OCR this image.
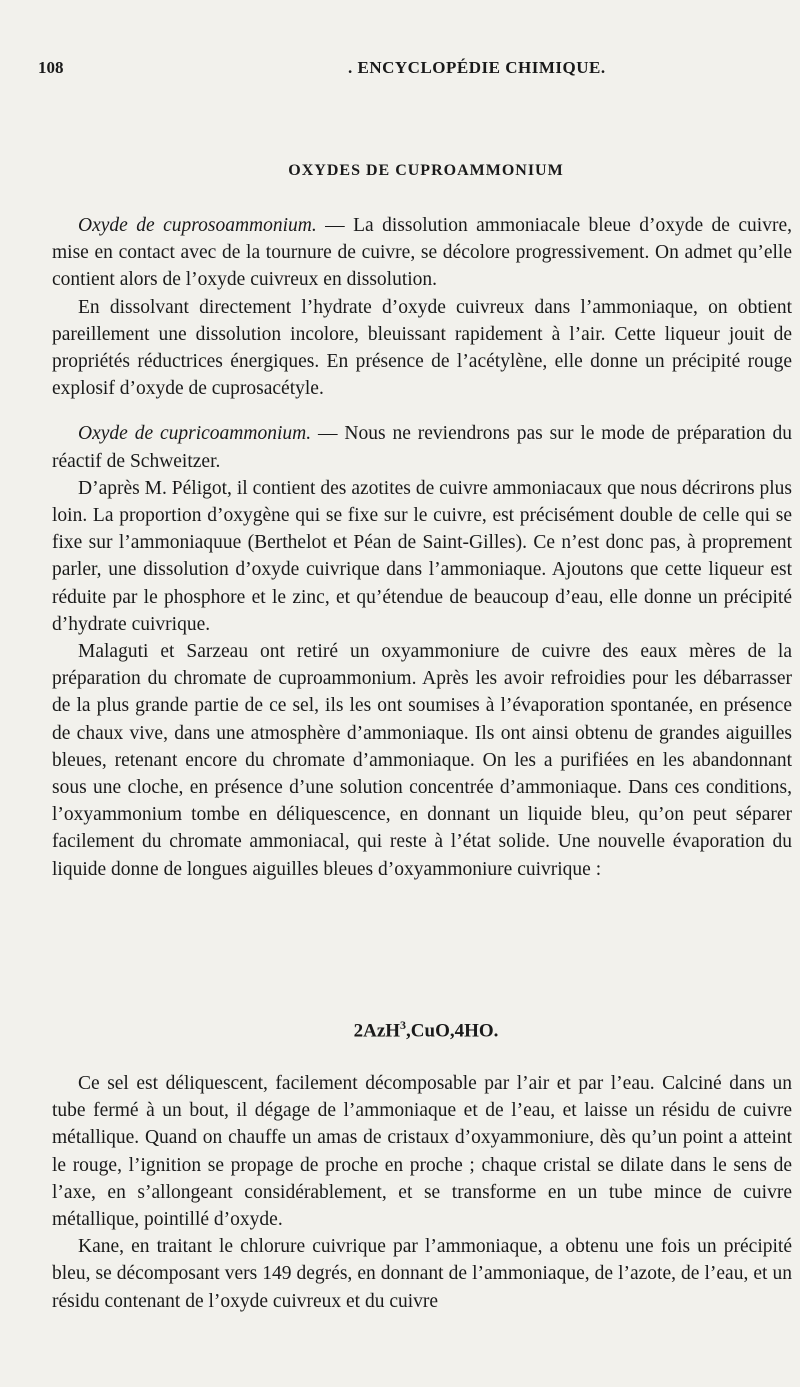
108	. ENCYCLOPÉDIE CHIMIQUE.
OXYDES DE CUPROAMMONIUM

Oxyde de cuprosoammonium. — La dissolution ammoniacale bleue d’oxyde de cuivre, mise en contact avec de la tournure de cuivre, se décolore progressivement. On admet qu’elle contient alors de l’oxyde cuivreux en dissolution.

En dissolvant directement l’hydrate d’oxyde cuivreux dans l’ammoniaque, on obtient pareillement une dissolution incolore, bleuissant rapidement à l’air. Cette liqueur jouit de propriétés réductrices énergiques. En présence de l’acétylène, elle donne un précipité rouge explosif d’oxyde de cuprosacétyle.

Oxyde de cupricoammonium. — Nous ne reviendrons pas sur le mode de préparation du réactif de Schweitzer.

D’après M. Péligot, il contient des azotites de cuivre ammoniacaux que nous décrirons plus loin. La proportion d’oxygène qui se fixe sur le cuivre, est précisément double de celle qui se fixe sur l’ammoniaquue (Berthelot et Péan de Saint-Gilles). Ce n’est donc pas, à proprement parler, une dissolution d’oxyde cuivrique dans l’ammoniaque. Ajoutons que cette liqueur est réduite par le phosphore et le zinc, et qu’étendue de beaucoup d’eau, elle donne un précipité d’hydrate cuivrique.

Malaguti et Sarzeau ont retiré un oxyammoniure de cuivre des eaux mères de la préparation du chromate de cuproammonium. Après les avoir refroidies pour les débarrasser de la plus grande partie de ce sel, ils les ont soumises à l’évaporation spontanée, en présence de chaux vive, dans une atmosphère d’ammoniaque. Ils ont ainsi obtenu de grandes aiguilles bleues, retenant encore du chromate d’ammoniaque. On les a purifiées en les abandonnant sous une cloche, en présence d’une solution concentrée d’ammoniaque. Dans ces conditions, l’oxyammonium tombe en déliquescence, en donnant un liquide bleu, qu’on peut séparer facilement du chromate ammoniacal, qui reste à l’état solide. Une nouvelle évaporation du liquide donne de longues aiguilles bleues d’oxyammoniure cuivrique :

2AzH$^3$,CuO,4HO.

Ce sel est déliquescent, facilement décomposable par l’air et par l’eau. Calciné dans un tube fermé à un bout, il dégage de l’ammoniaque et de l’eau, et laisse un résidu de cuivre métallique. Quand on chauffe un amas de cristaux d’oxyammoniure, dès qu’un point a atteint le rouge, l’ignition se propage de proche en proche ; chaque cristal se dilate dans le sens de l’axe, en s’allongeant considérablement, et se transforme en un tube mince de cuivre métallique, pointillé d’oxyde.

Kane, en traitant le chlorure cuivrique par l’ammoniaque, a obtenu une fois un précipité bleu, se décomposant vers 149 degrés, en donnant de l’ammoniaque, de l’azote, de l’eau, et un résidu contenant de l’oxyde cuivreux et du cuivre
